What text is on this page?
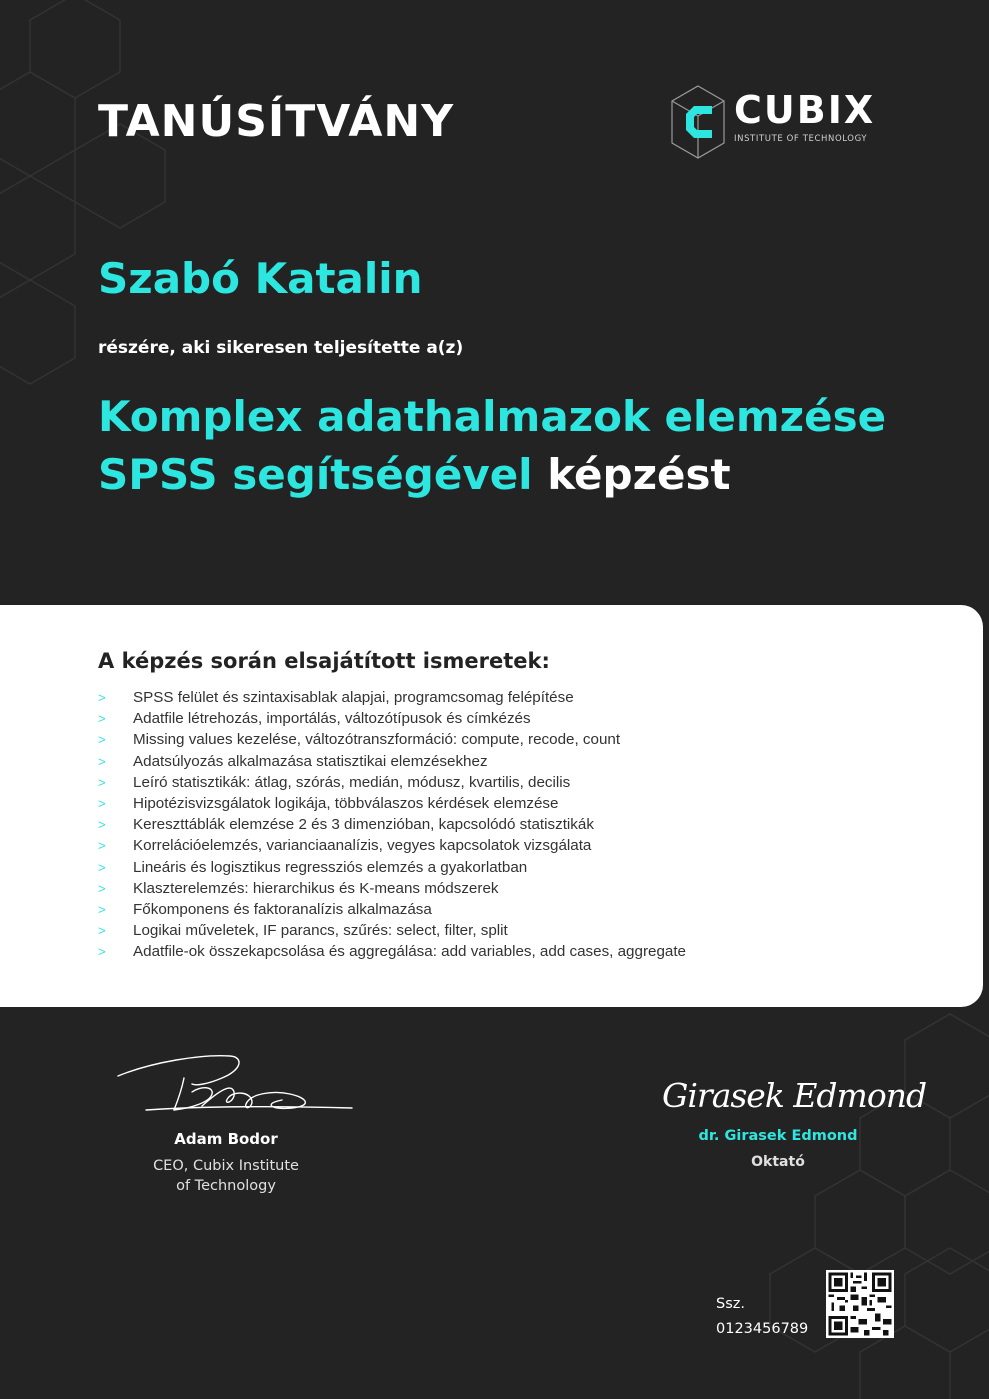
TANÚSÍTVÁNY	CUBIX
INSTITUTE OF TECHNOLOGY
Szabó Katalin
részére, aki sikeresen teljesítette a(z)
Komplex adathalmazok elemzése SPSS segítségével képzést
A képzés során elsajátított ismeretek:
> SPSS felület és szintaxisablak alapjai, programcsomag felépítése
> Adatfile létrehozás, importálás, változótípusok és címkézés
> Missing values kezelése, változótranszformáció: compute, recode, count
> Adatsúlyozás alkalmazása statisztikai elemzésekhez
> Leíró statisztikák: átlag, szórás, medián, módusz, kvartilis, decilis
> Hipotézisvizsgálatok logikája, többválaszos kérdések elemzése
> Kereszttáblák elemzése 2 és 3 dimenzióban, kapcsolódó statisztikák
> Korrelációelemzés, varianciaanalízis, vegyes kapcsolatok vizsgálata
> Lineáris és logisztikus regressziós elemzés a gyakorlatban
> Klaszterelemzés: hierarchikus és K-means módszerek
> Főkomponens és faktoranalízis alkalmazása
> Logikai műveletek, IF parancs, szűrés: select, filter, split
> Adatfile-ok összekapcsolása és aggregálása: add variables, add cases, aggregate
Adam Bodor
CEO, Cubix Institute
of Technology
Girasek Edmond
dr. Girasek Edmond
Oktató
Ssz.
0123456789
